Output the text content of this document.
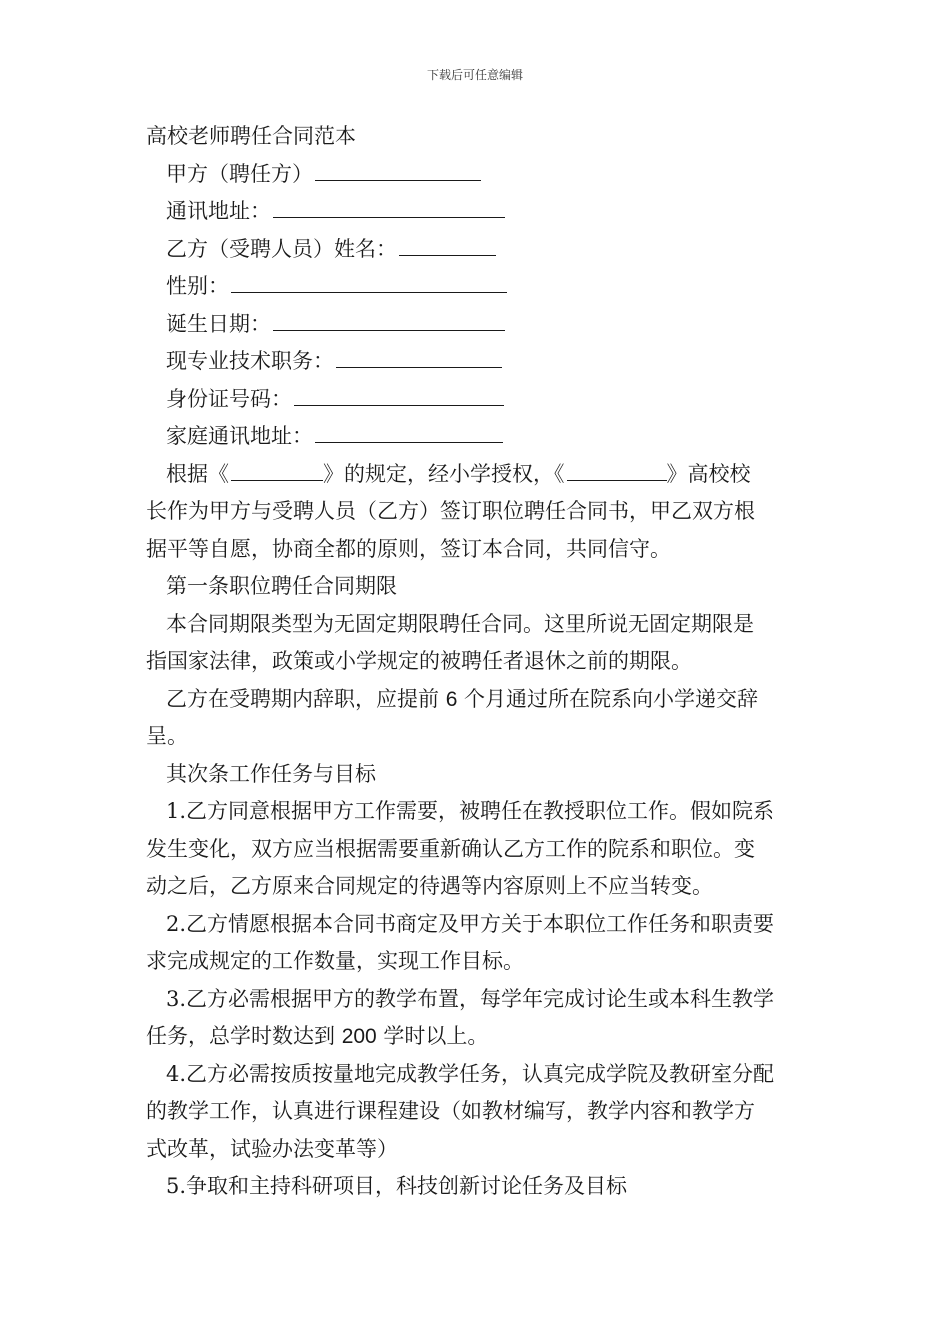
下载后可任意编辑
高校老师聘任合同范本
甲方（聘任方）
通讯地址：
乙方（受聘人员）姓名：
性别：
诞生日期：
现专业技术职务：
身份证号码：
家庭通讯地址：
根据《	》的规定，经小学授权，《	》高校校
长作为甲方与受聘人员（乙方）签订职位聘任合同书，甲乙双方根
据平等自愿，协商全都的原则，签订本合同，共同信守。
第一条职位聘任合同期限
本合同期限类型为无固定期限聘任合同。这里所说无固定期限是
指国家法律，政策或小学规定的被聘任者退休之前的期限。
乙方在受聘期内辞职，应提前 6 个月通过所在院系向小学递交辞
呈。
其次条工作任务与目标
1.乙方同意根据甲方工作需要，被聘任在教授职位工作。假如院系
发生变化，双方应当根据需要重新确认乙方工作的院系和职位。变
动之后，乙方原来合同规定的待遇等内容原则上不应当转变。
2.乙方情愿根据本合同书商定及甲方关于本职位工作任务和职责要
求完成规定的工作数量，实现工作目标。
3.乙方必需根据甲方的教学布置，每学年完成讨论生或本科生教学
任务，总学时数达到 200 学时以上。
4.乙方必需按质按量地完成教学任务，认真完成学院及教研室分配
的教学工作，认真进行课程建设（如教材编写，教学内容和教学方
式改革，试验办法变革等）
5.争取和主持科研项目，科技创新讨论任务及目标
